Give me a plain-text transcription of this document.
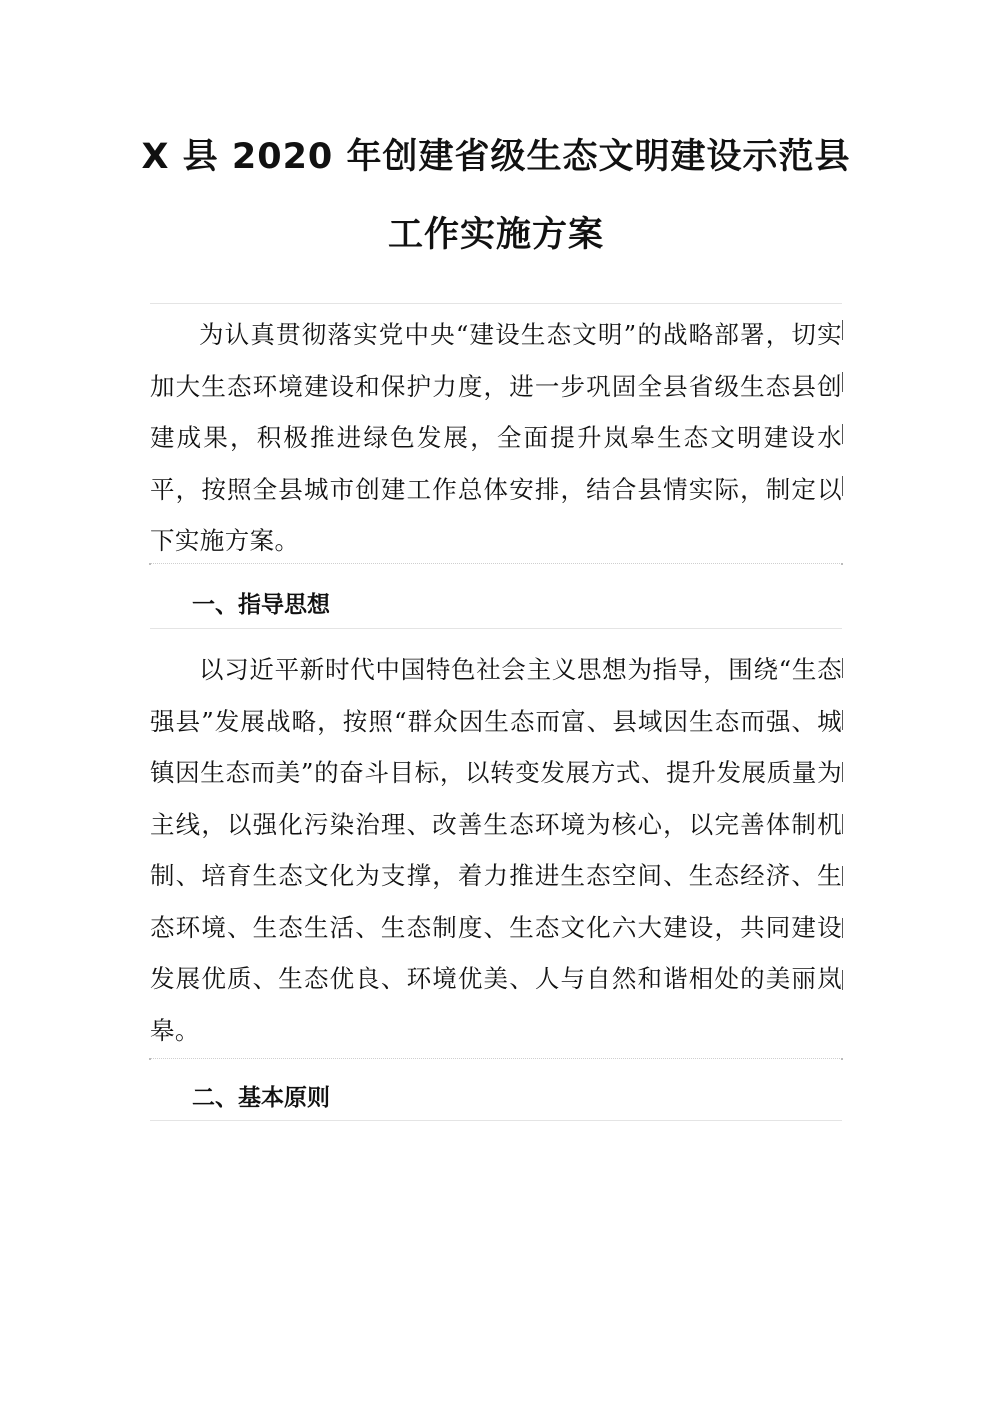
X 县 2020 年创建省级生态文明建设示范县
工作实施方案

为认真贯彻落实党中央“建设生态文明”的战略部署，切实加大生态环境建设和保护力度，进一步巩固全县省级生态县创建成果，积极推进绿色发展，全面提升岚皋生态文明建设水平，按照全县城市创建工作总体安排，结合县情实际，制定以下实施方案。

一、指导思想

以习近平新时代中国特色社会主义思想为指导，围绕“生态强县”发展战略，按照“群众因生态而富、县域因生态而强、城镇因生态而美”的奋斗目标，以转变发展方式、提升发展质量为主线，以强化污染治理、改善生态环境为核心，以完善体制机制、培育生态文化为支撑，着力推进生态空间、生态经济、生态环境、生态生活、生态制度、生态文化六大建设，共同建设发展优质、生态优良、环境优美、人与自然和谐相处的美丽岚皋。

二、基本原则
